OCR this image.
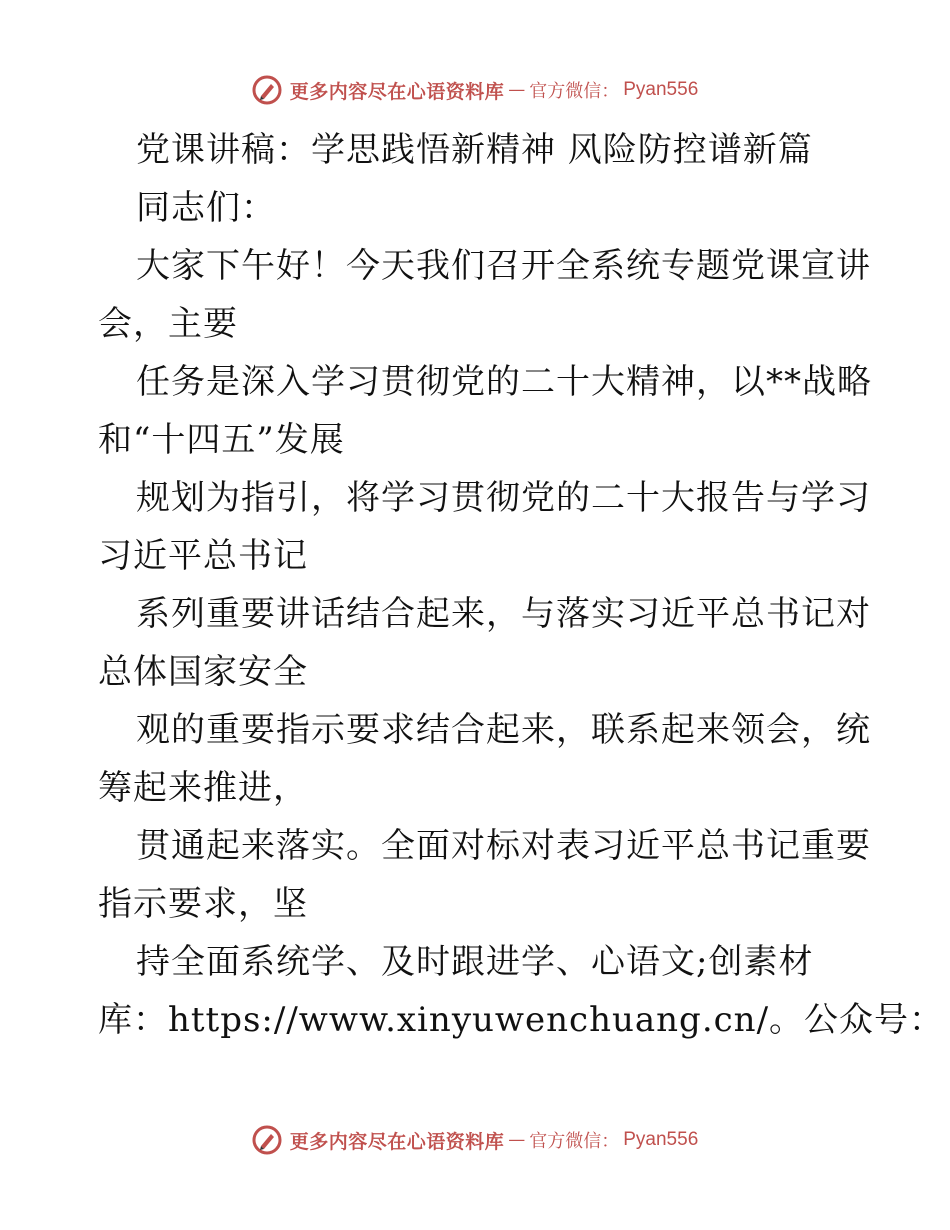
更多内容尽在心语资料库 — 官方微信： Pyan556
党课讲稿：学思践悟新精神 风险防控谱新篇
同志们：
大家下午好！今天我们召开全系统专题党课宣讲
会，主要
任务是深入学习贯彻党的二十大精神，以**战略
和“十四五”发展
规划为指引，将学习贯彻党的二十大报告与学习
习近平总书记
系列重要讲话结合起来，与落实习近平总书记对
总体国家安全
观的重要指示要求结合起来，联系起来领会，统
筹起来推进，
贯通起来落实。全面对标对表习近平总书记重要
指示要求，坚
持全面系统学、及时跟进学、心语文;创素材
库：https://www.xinyuwenchuang.cn/。公众号：
更多内容尽在心语资料库 — 官方微信： Pyan556
